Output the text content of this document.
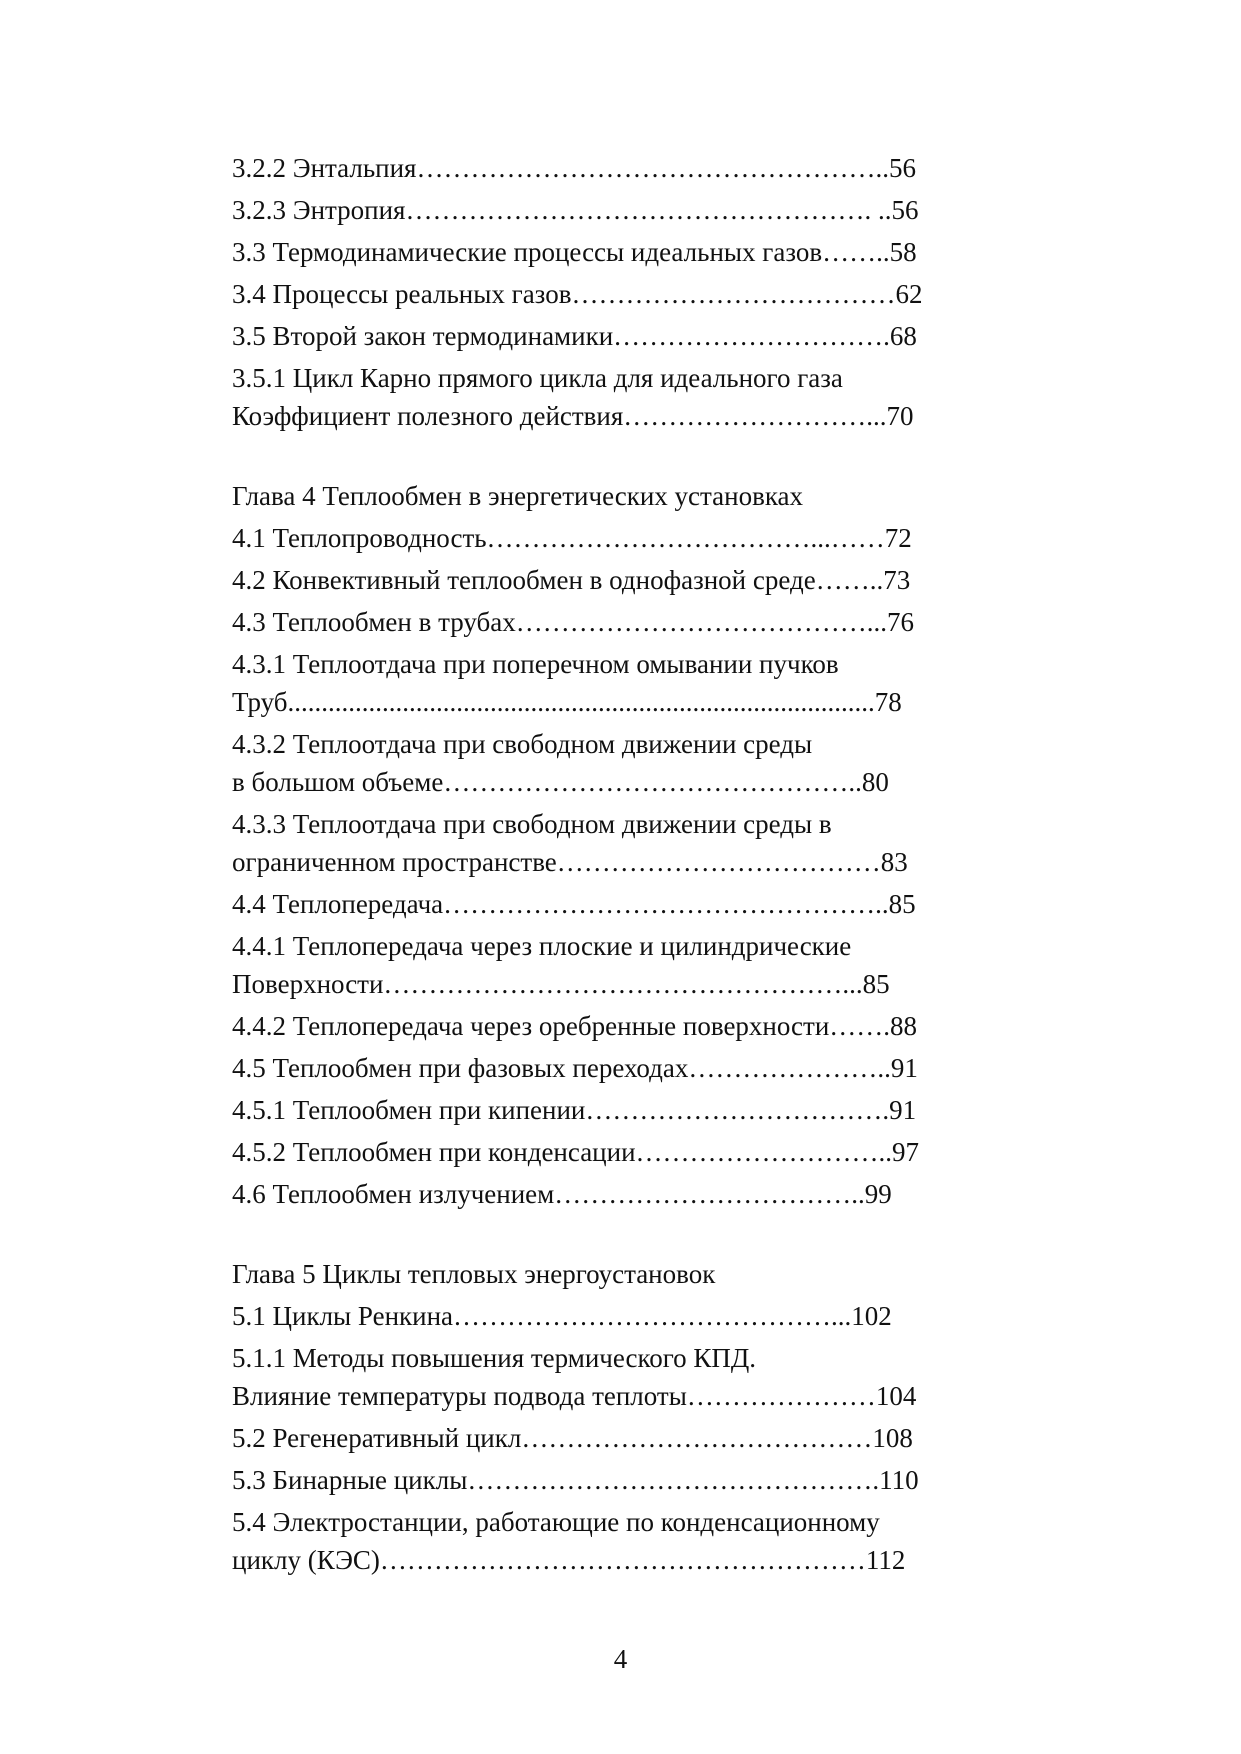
3.2.2 Энтальпия……………………………………………..56
3.2.3 Энтропия……………………………………………. ..56
3.3 Термодинамические процессы идеальных газов……..58
3.4 Процессы реальных газов………………………………62
3.5 Второй закон термодинамики………………………….68
3.5.1 Цикл Карно прямого цикла для идеального газа
Коэффициент полезного действия………………………...70
Глава 4 Теплообмен в энергетических установках
4.1 Теплопроводность………………………………...……72
4.2 Конвективный теплообмен в однофазной среде……..73
4.3 Теплообмен в трубах…………………………………...76
4.3.1 Теплоотдача при поперечном омывании пучков
Труб.......................................................................................78
4.3.2 Теплоотдача при свободном движении среды
в большом объеме………………………………………..80
4.3.3 Теплоотдача при свободном движении среды в
ограниченном пространстве………………………………83
4.4 Теплопередача…………………………………………..85
4.4.1 Теплопередача через плоские и цилиндрические
Поверхности……………………………………………...85
4.4.2 Теплопередача через оребренные поверхности…….88
4.5 Теплообмен при фазовых переходах…………………..91
4.5.1 Теплообмен при кипении…………………………….91
4.5.2 Теплообмен при конденсации………………………..97
4.6 Теплообмен излучением……………………………..99
Глава 5 Циклы тепловых энергоустановок
5.1 Циклы Ренкина……………………………………...102
5.1.1 Методы повышения термического КПД.
Влияние температуры подвода теплоты…………………104
5.2 Регенеративный цикл…………………………………108
5.3 Бинарные циклы……………………………………….110
5.4 Электростанции, работающие по конденсационному
циклу (КЭС)………………………………………………112
4
